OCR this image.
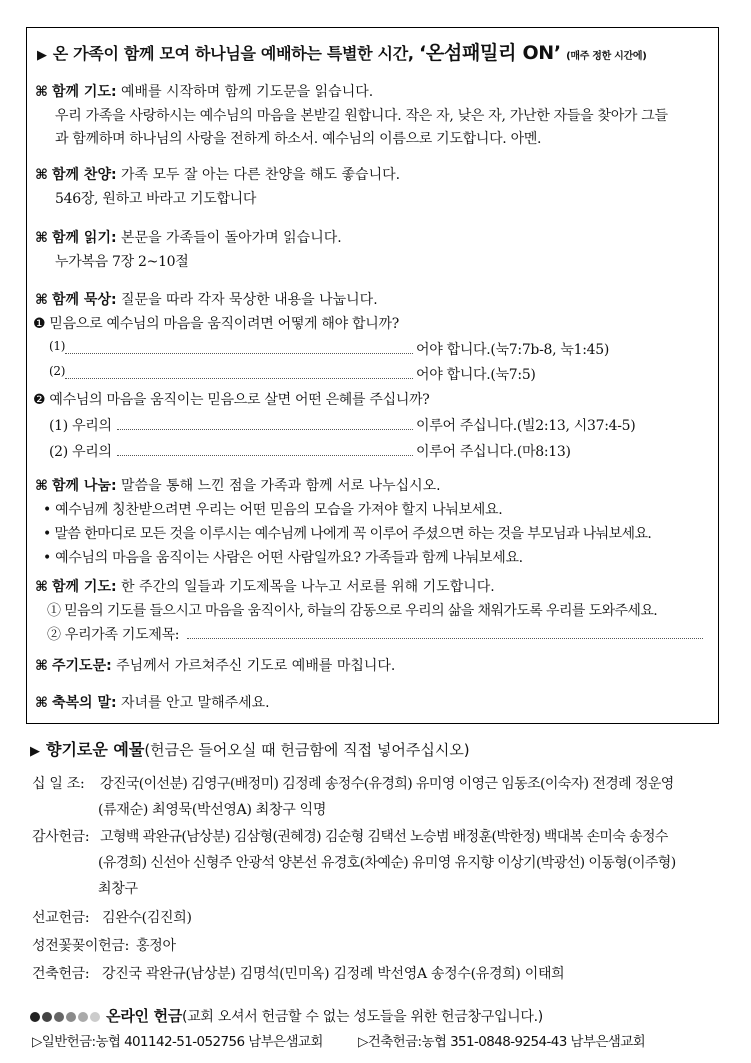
▶ 온 가족이 함께 모여 하나님을 예배하는 특별한 시간, ‘온섬패밀리 ON’ (매주 정한 시간에)
⌘ 함께 기도: 예배를 시작하며 함께 기도문을 읽습니다.
우리 가족을 사랑하시는 예수님의 마음을 본받길 원합니다. 작은 자, 낮은 자, 가난한 자들을 찾아가 그들
과 함께하며 하나님의 사랑을 전하게 하소서. 예수님의 이름으로 기도합니다. 아멘.
⌘ 함께 찬양: 가족 모두 잘 아는 다른 찬양을 해도 좋습니다.
546장, 원하고 바라고 기도합니다
⌘ 함께 읽기: 본문을 가족들이 돌아가며 읽습니다.
누가복음 7장 2~10절
⌘ 함께 묵상: 질문을 따라 각자 묵상한 내용을 나눕니다.
❶ 믿음으로 예수님의 마음을 움직이려면 어떻게 해야 합니까?
(1)	어야 합니다.(눅7:7b-8, 눅1:45)
(2)	어야 합니다.(눅7:5)
❷ 예수님의 마음을 움직이는 믿음으로 살면 어떤 은혜를 주십니까?
(1) 우리의	이루어 주십니다.(빌2:13, 시37:4-5)
(2) 우리의	이루어 주십니다.(마8:13)
⌘ 함께 나눔: 말씀을 통해 느낀 점을 가족과 함께 서로 나누십시오.
• 예수님께 칭찬받으려면 우리는 어떤 믿음의 모습을 가져야 할지 나눠보세요.
• 말씀 한마디로 모든 것을 이루시는 예수님께 나에게 꼭 이루어 주셨으면 하는 것을 부모님과 나눠보세요.
• 예수님의 마음을 움직이는 사람은 어떤 사람일까요? 가족들과 함께 나눠보세요.
⌘ 함께 기도: 한 주간의 일들과 기도제목을 나누고 서로를 위해 기도합니다.
① 믿음의 기도를 들으시고 마음을 움직이사, 하늘의 감동으로 우리의 삶을 채워가도록 우리를 도와주세요.
② 우리가족 기도제목:
⌘ 주기도문: 주님께서 가르쳐주신 기도로 예배를 마칩니다.
⌘ 축복의 말: 자녀를 안고 말해주세요.
▶ 향기로운 예물(헌금은 들어오실 때 헌금함에 직접 넣어주십시오)
십 일 조: 강진국(이선분) 김영구(배정미) 김정례 송정수(유경희) 유미영 이영근 임동조(이숙자) 전경례 정운영
(류재순) 최영묵(박선영A) 최창구 익명
감사헌금: 고형백 곽완규(남상분) 김삼형(권혜경) 김순형 김택선 노승범 배정훈(박한정) 백대복 손미숙 송정수
(유경희) 신선아 신형주 안광석 양본선 유경호(차예순) 유미영 유지향 이상기(박광선) 이동형(이주형)
최창구
선교헌금: 김완수(김진희)
성전꽃꽂이헌금: 홍정아
건축헌금: 강진국 곽완규(남상분) 김명석(민미옥) 김정례 박선영A 송정수(유경희) 이태희
온라인 헌금(교회 오셔서 헌금할 수 없는 성도들을 위한 헌금창구입니다.)
▷일반헌금:농협 401142-51-052756 남부은샘교회	▷건축헌금:농협 351-0848-9254-43 남부은샘교회
